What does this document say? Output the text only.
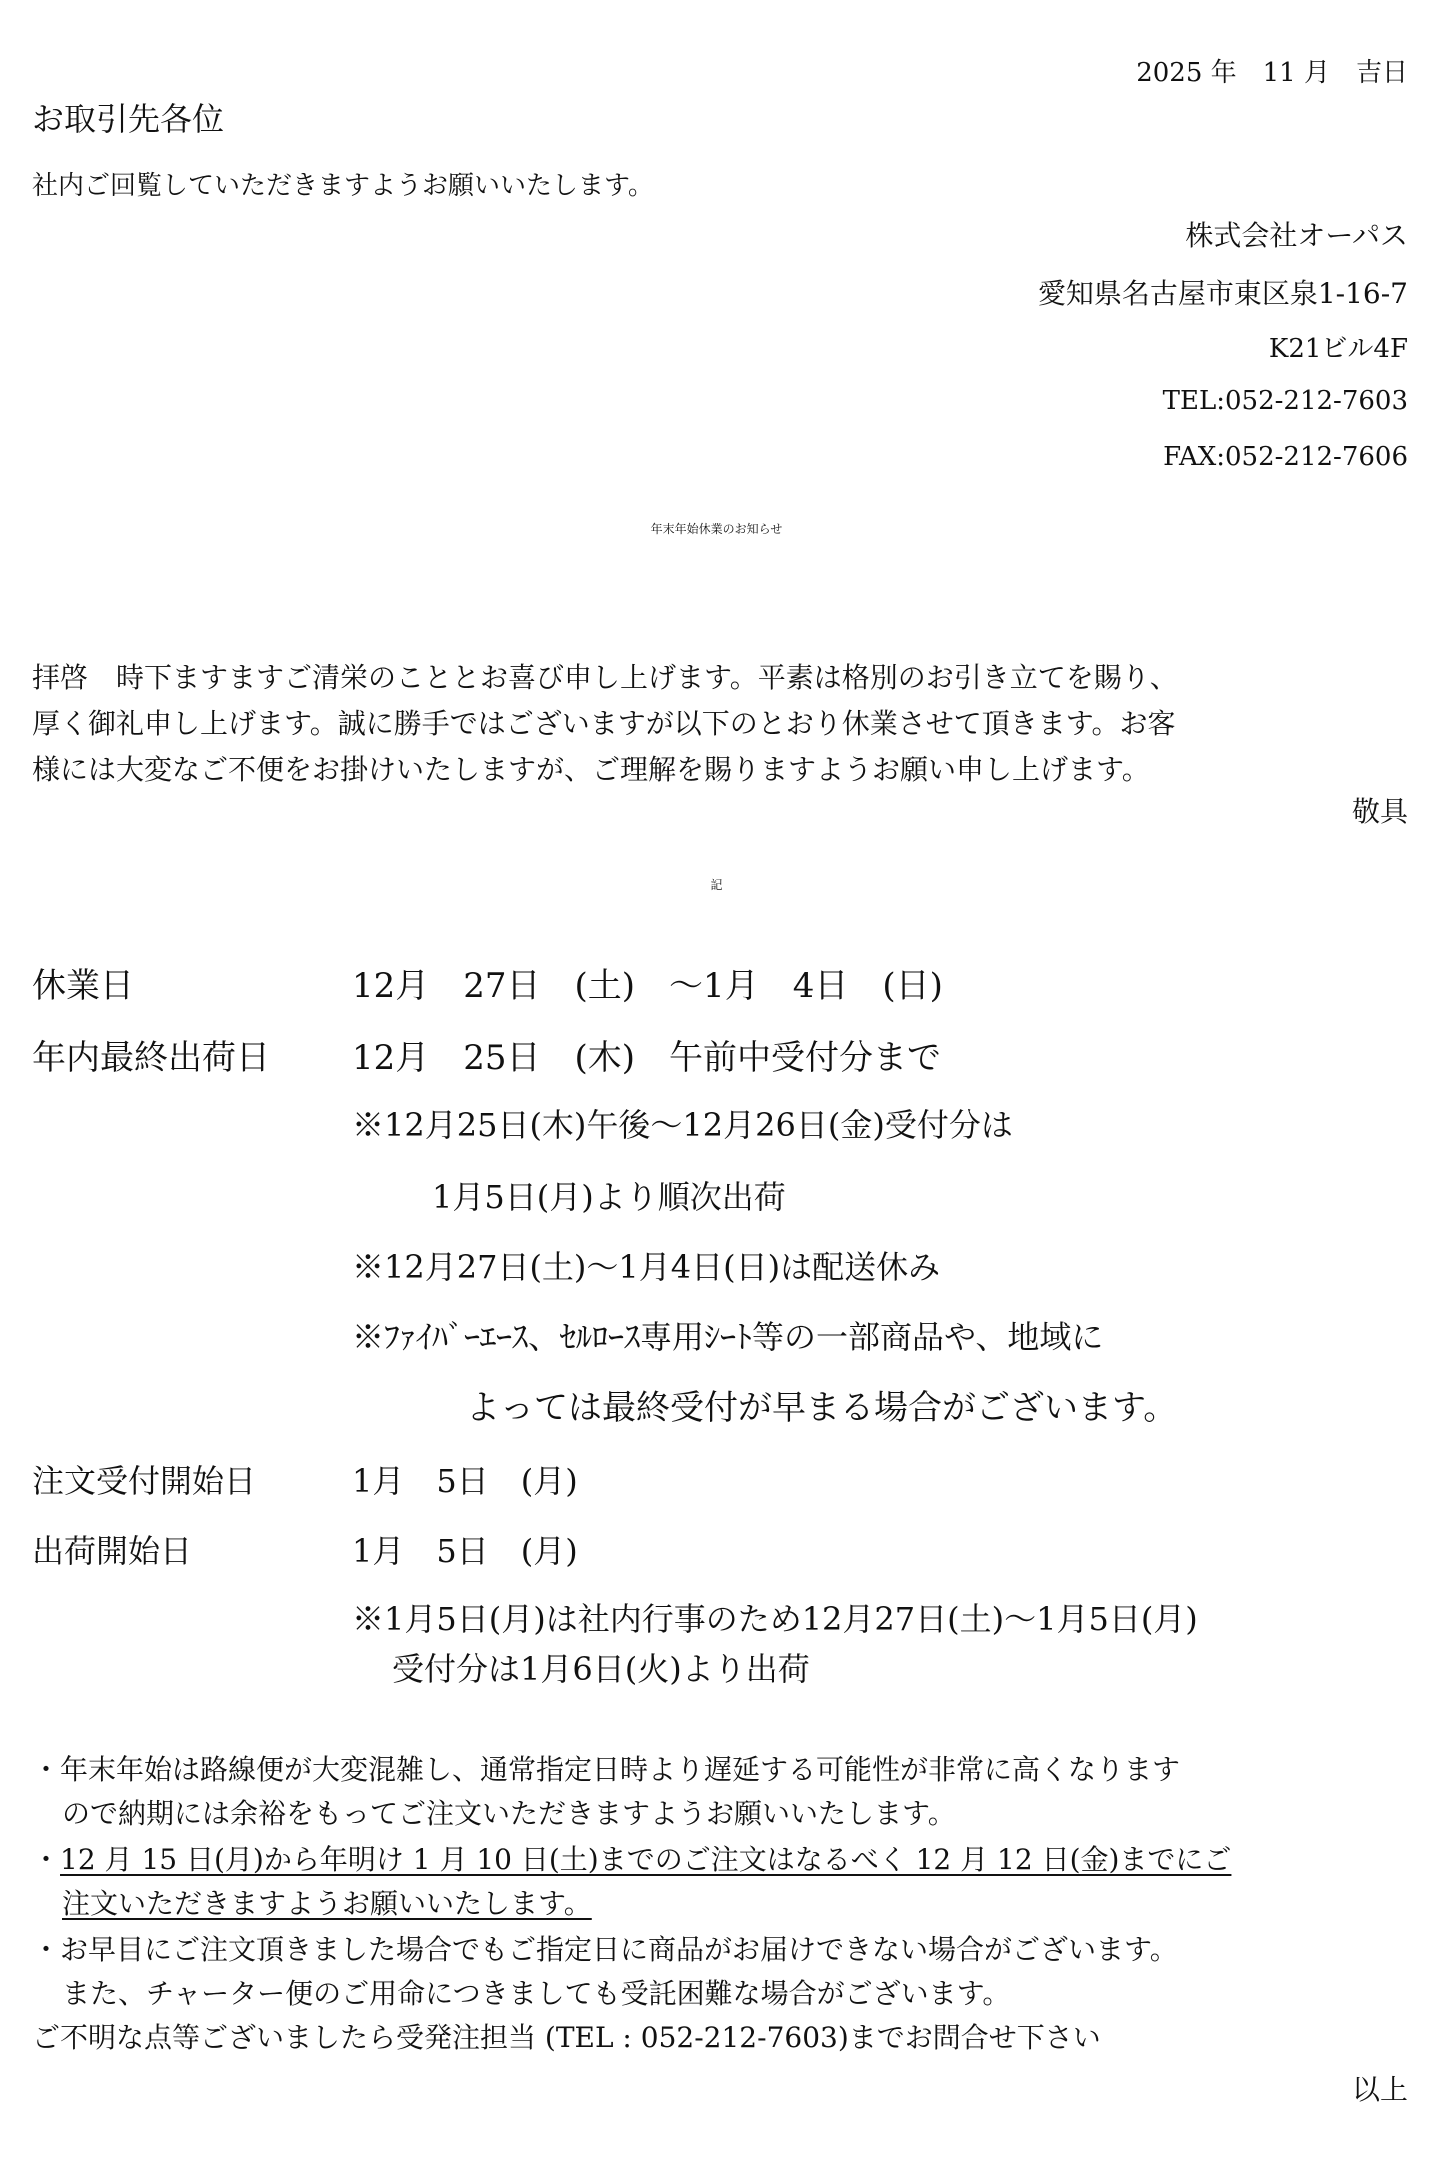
2025 年　11 月　吉日
お取引先各位
社内ご回覧していただきますようお願いいたします。
株式会社オーパス
愛知県名古屋市東区泉1-16-7
K21ビル4F
TEL:052-212-7603
FAX:052-212-7606
年末年始休業のお知らせ
拝啓　時下ますますご清栄のこととお喜び申し上げます。平素は格別のお引き立てを賜り、
厚く御礼申し上げます。誠に勝手ではございますが以下のとおり休業させて頂きます。お客
様には大変なご不便をお掛けいたしますが、ご理解を賜りますようお願い申し上げます。
敬具
記
休業日	12月　27日　(土)　～1月　4日　(日)
年内最終出荷日 12月　25日　(木)　午前中受付分まで
※12月25日(木)午後～12月26日(金)受付分は
1月5日(月)より順次出荷
※12月27日(土)～1月4日(日)は配送休み
※ﾌｧｲﾊﾞｰｴｰｽ、ｾﾙﾛｰｽ専用ｼｰﾄ等の一部商品や、地域に
よっては最終受付が早まる場合がございます。
注文受付開始日	1月　5日　(月)
出荷開始日	1月　5日　(月)
※1月5日(月)は社内行事のため12月27日(土)～1月5日(月)
受付分は1月6日(火)より出荷
・年末年始は路線便が大変混雑し、通常指定日時より遅延する可能性が非常に高くなります
ので納期には余裕をもってご注文いただきますようお願いいたします。
・12 月 15 日(月)から年明け 1 月 10 日(土)までのご注文はなるべく 12 月 12 日(金)までにご
注文いただきますようお願いいたします。
・お早目にご注文頂きました場合でもご指定日に商品がお届けできない場合がございます。
また、チャーター便のご用命につきましても受託困難な場合がございます。
ご不明な点等ございましたら受発注担当 (TEL : 052-212-7603)までお問合せ下さい
以上
